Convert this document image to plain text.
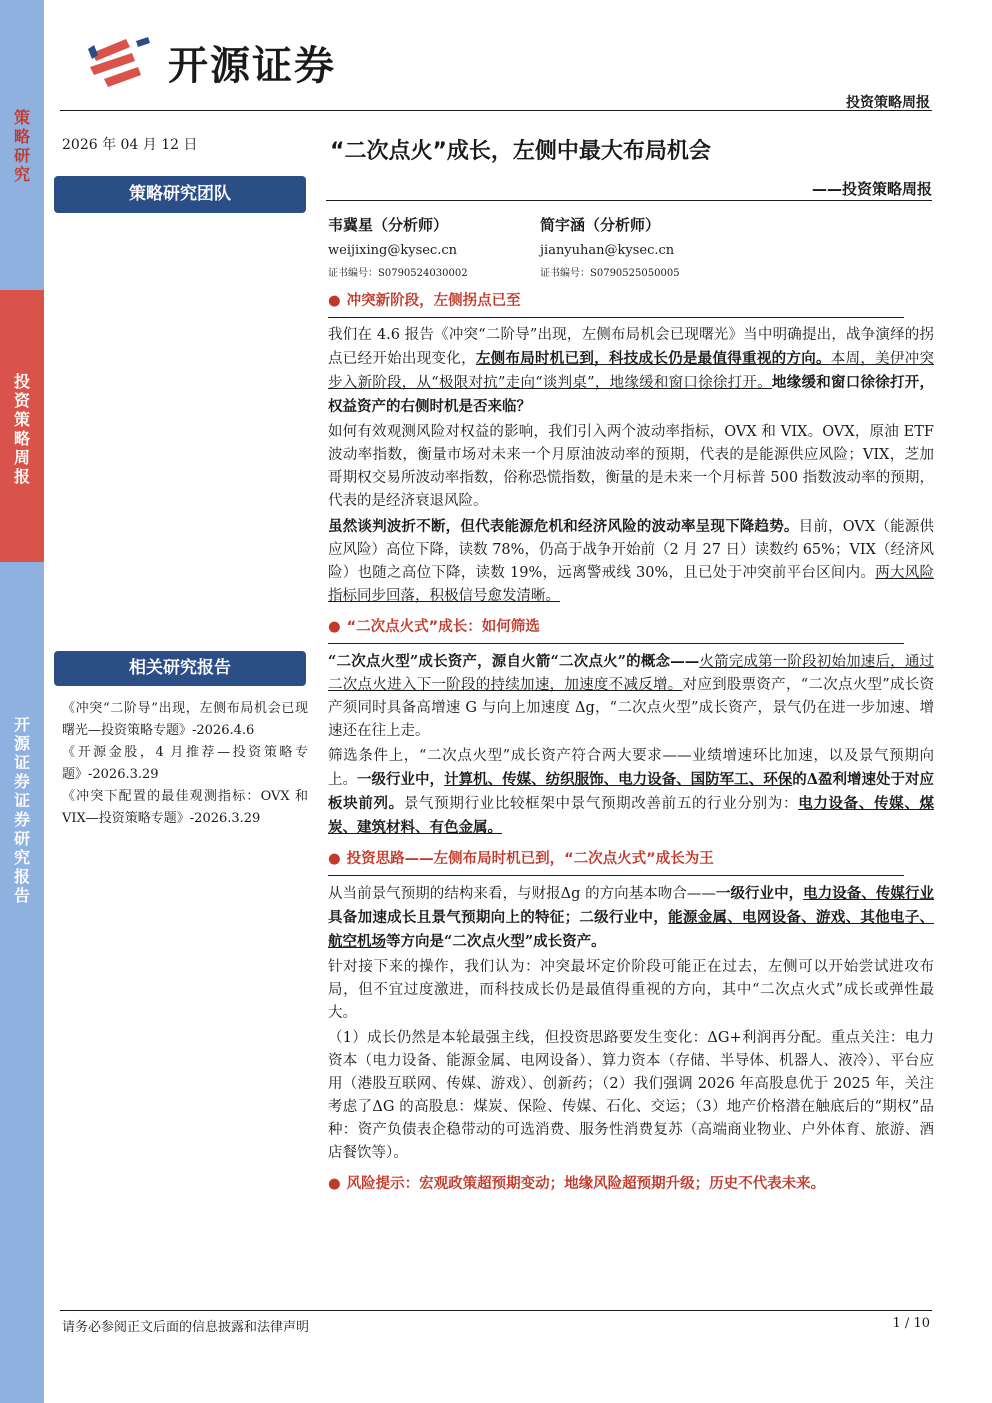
策略研究
投资策略周报
开源证券 证券研究报告
开源证券
投资策略周报
2026 年 04 月 12 日	“二次点火”成长，左侧中最大布局机会
——投资策略周报
策略研究团队
韦冀星（分析师）
weijixing@kysec.cn
证书编号：S0790524030002
简宇涵（分析师）
jianyuhan@kysec.cn
证书编号：S0790525050005
相关研究报告

《冲突“二阶导”出现，左侧布局机会已现曙光—投资策略专题》-2026.4.6

《开源金股，4 月推荐—投资策略专题》-2026.3.29

《冲突下配置的最佳观测指标：OVX 和 VIX—投资策略专题》-2026.3.29

● 冲突新阶段，左侧拐点已至

我们在 4.6 报告《冲突“二阶导”出现，左侧布局机会已现曙光》当中明确提出，战争演绎的拐点已经开始出现变化，左侧布局时机已到，科技成长仍是最值得重视的方向。本周，美伊冲突步入新阶段，从“极限对抗”走向“谈判桌”，地缘缓和窗口徐徐打开。地缘缓和窗口徐徐打开，权益资产的右侧时机是否来临？

如何有效观测风险对权益的影响，我们引入两个波动率指标，OVX 和 VIX。OVX，原油 ETF 波动率指数，衡量市场对未来一个月原油波动率的预期，代表的是能源供应风险；VIX，芝加哥期权交易所波动率指数，俗称恐慌指数，衡量的是未来一个月标普 500 指数波动率的预期，代表的是经济衰退风险。

虽然谈判波折不断，但代表能源危机和经济风险的波动率呈现下降趋势。目前，OVX（能源供应风险）高位下降，读数 78%，仍高于战争开始前（2 月 27 日）读数约 65%；VIX（经济风险）也随之高位下降，读数 19%，远离警戒线 30%，且已处于冲突前平台区间内。两大风险指标同步回落，积极信号愈发清晰。

● “二次点火式”成长：如何筛选

“二次点火型”成长资产，源自火箭“二次点火”的概念——火箭完成第一阶段初始加速后，通过二次点火进入下一阶段的持续加速，加速度不减反增。对应到股票资产，“二次点火型”成长资产须同时具备高增速 G 与向上加速度 Δg，“二次点火型”成长资产，景气仍在进一步加速、增速还在往上走。

筛选条件上，“二次点火型”成长资产符合两大要求——业绩增速环比加速，以及景气预期向上。一级行业中，计算机、传媒、纺织服饰、电力设备、国防军工、环保的Δ盈利增速处于对应板块前列。景气预期行业比较框架中景气预期改善前五的行业分别为：电力设备、传媒、煤炭、建筑材料、有色金属。

● 投资思路——左侧布局时机已到，“二次点火式”成长为王

从当前景气预期的结构来看，与财报Δg 的方向基本吻合——一级行业中，电力设备、传媒行业具备加速成长且景气预期向上的特征；二级行业中，能源金属、电网设备、游戏、其他电子、航空机场等方向是“二次点火型”成长资产。

针对接下来的操作，我们认为：冲突最坏定价阶段可能正在过去，左侧可以开始尝试进攻布局，但不宜过度激进，而科技成长仍是最值得重视的方向，其中“二次点火式”成长或弹性最大。

（1）成长仍然是本轮最强主线，但投资思路要发生变化：ΔG+利润再分配。重点关注：电力资本（电力设备、能源金属、电网设备）、算力资本（存储、半导体、机器人、液冷）、平台应用（港股互联网、传媒、游戏）、创新药；（2）我们强调 2026 年高股息优于 2025 年，关注考虑了ΔG 的高股息：煤炭、保险、传媒、石化、交运；（3）地产价格潜在触底后的“期权”品种：资产负债表企稳带动的可选消费、服务性消费复苏（高端商业物业、户外体育、旅游、酒店餐饮等）。

● 风险提示：宏观政策超预期变动；地缘风险超预期升级；历史不代表未来。
请务必参阅正文后面的信息披露和法律声明	1 / 10
